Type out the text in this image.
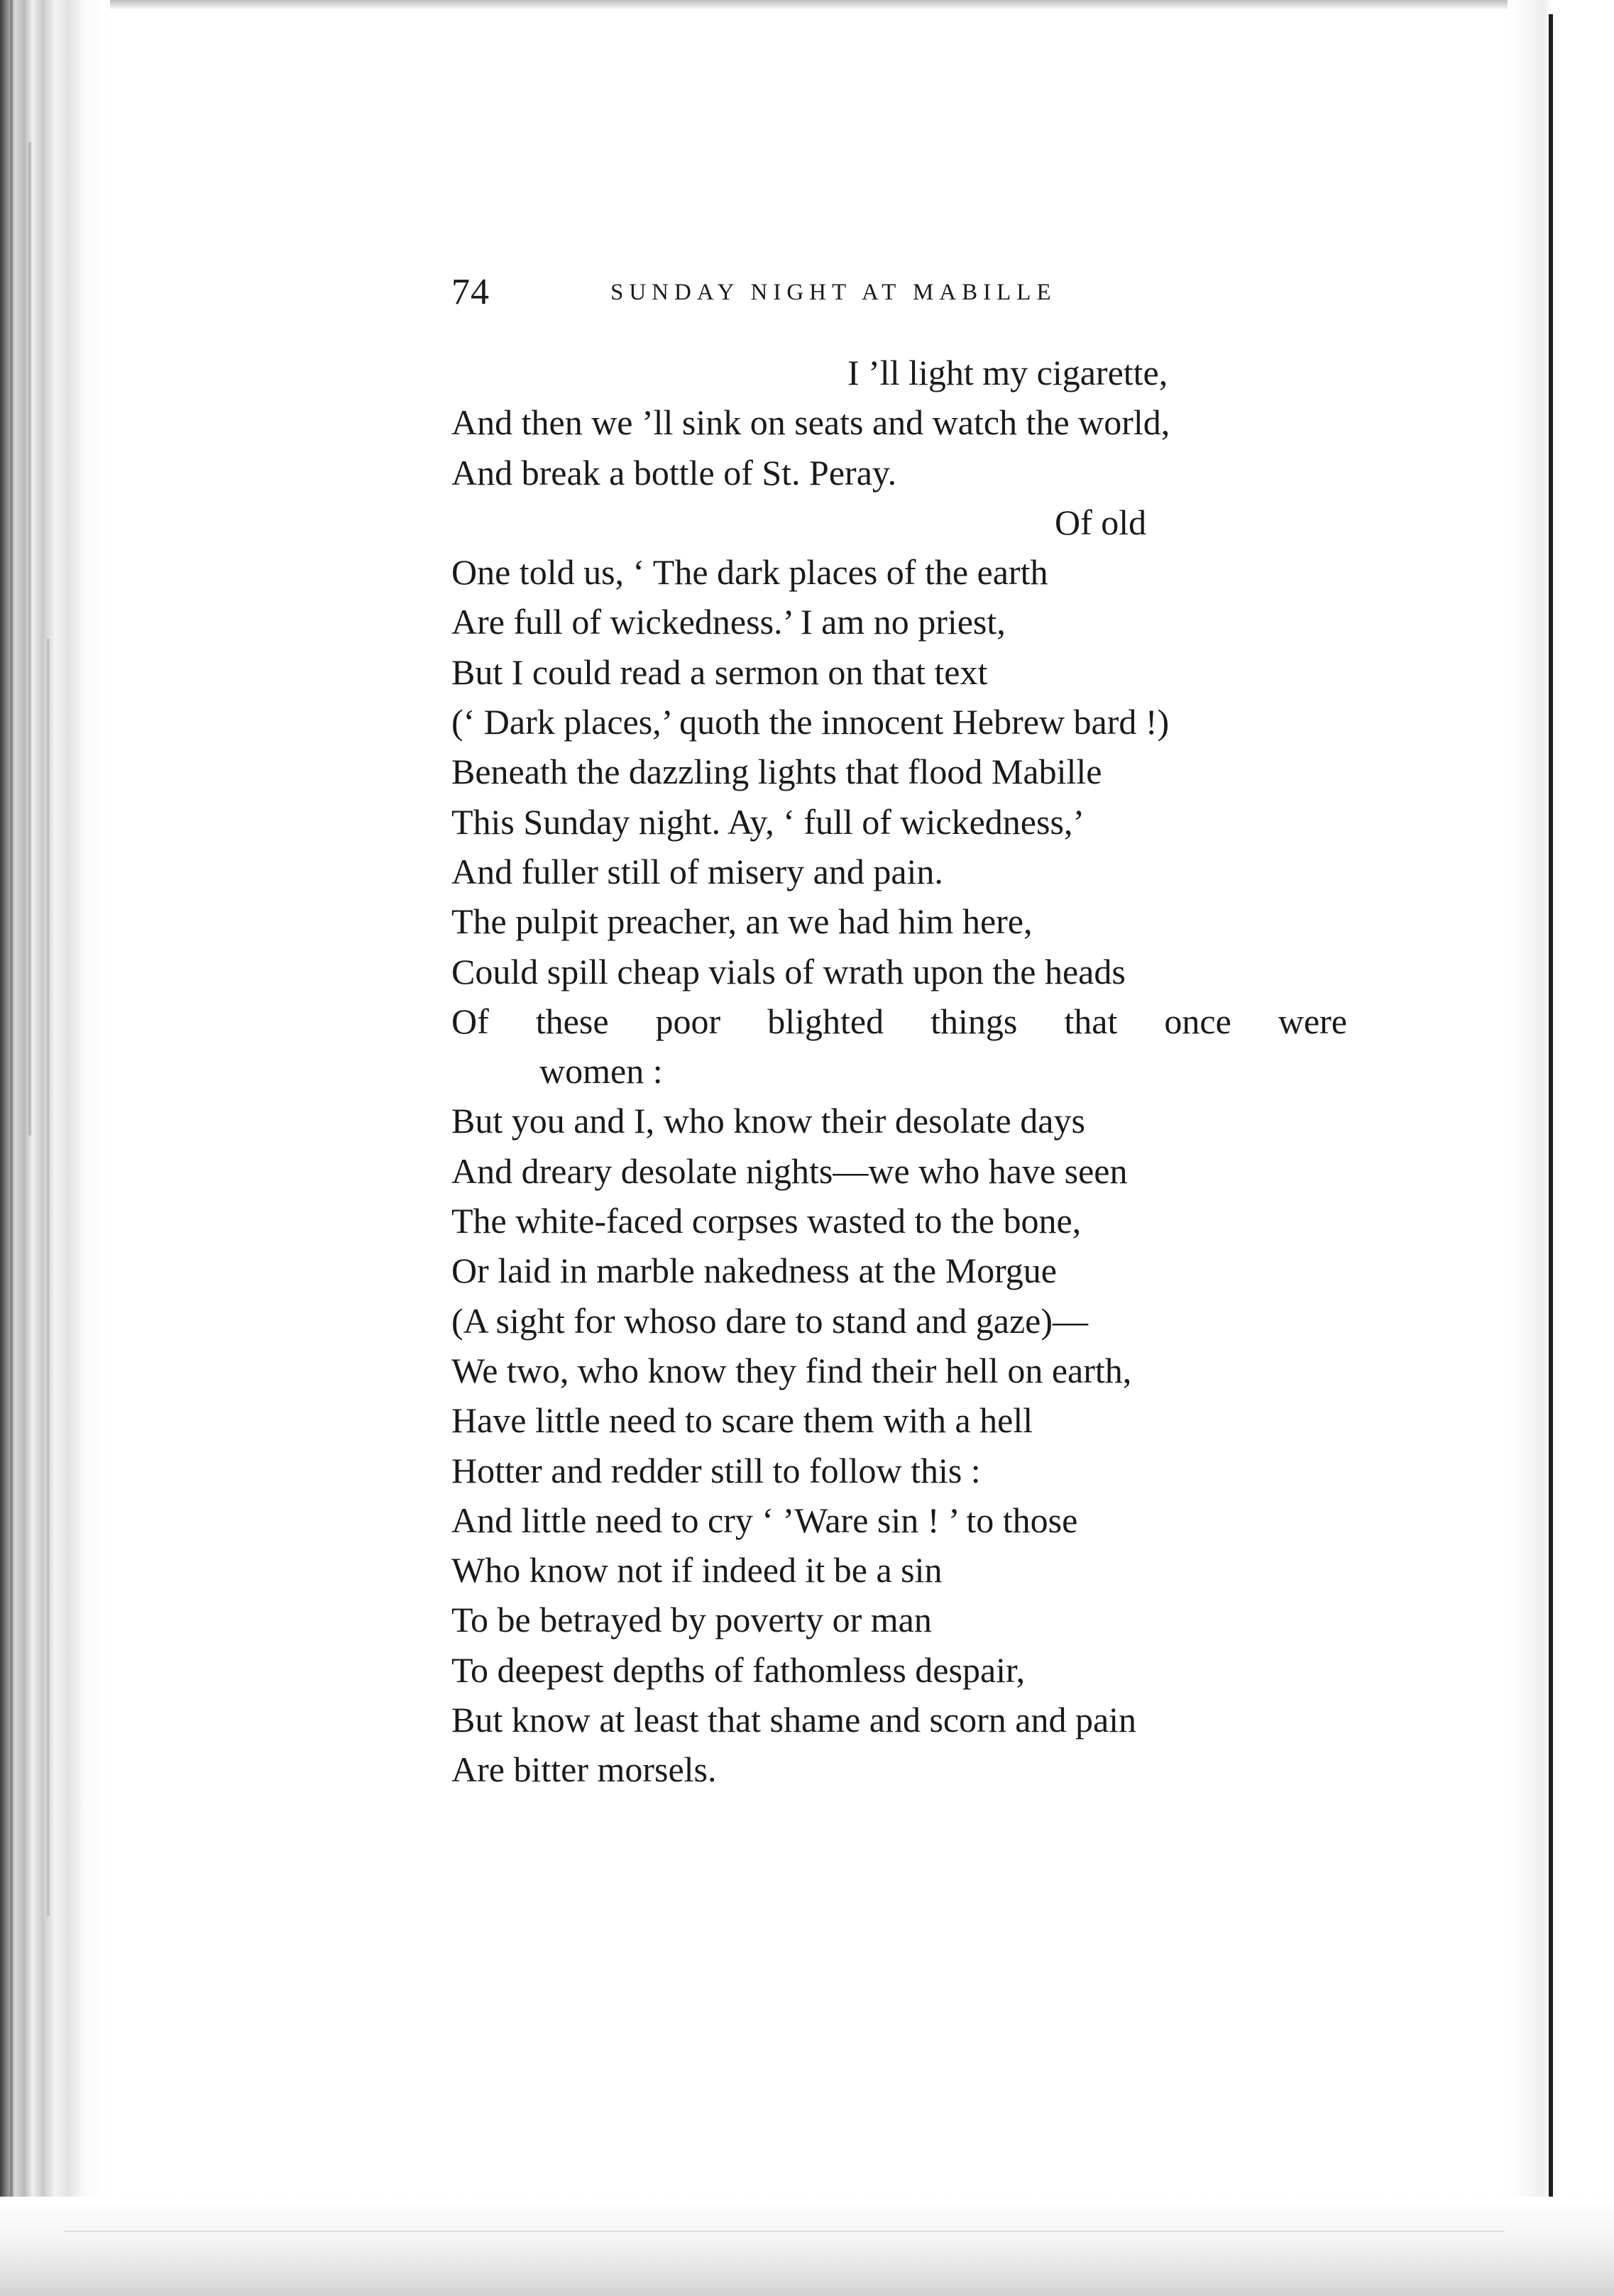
74	SUNDAY NIGHT AT MABILLE
I ’ll light my cigarette,
And then we ’ll sink on seats and watch the world,
And break a bottle of St. Peray.
Of old
One told us, ‘ The dark places of the earth
Are full of wickedness.’ I am no priest,
But I could read a sermon on that text
(‘ Dark places,’ quoth the innocent Hebrew bard !)
Beneath the dazzling lights that flood Mabille
This Sunday night. Ay, ‘ full of wickedness,’
And fuller still of misery and pain.
The pulpit preacher, an we had him here,
Could spill cheap vials of wrath upon the heads
Of these poor blighted things that once were
women :
But you and I, who know their desolate days
And dreary desolate nights—we who have seen
The white-faced corpses wasted to the bone,
Or laid in marble nakedness at the Morgue
(A sight for whoso dare to stand and gaze)—
We two, who know they find their hell on earth,
Have little need to scare them with a hell
Hotter and redder still to follow this :
And little need to cry ‘ ’Ware sin ! ’ to those
Who know not if indeed it be a sin
To be betrayed by poverty or man
To deepest depths of fathomless despair,
But know at least that shame and scorn and pain
Are bitter morsels.
